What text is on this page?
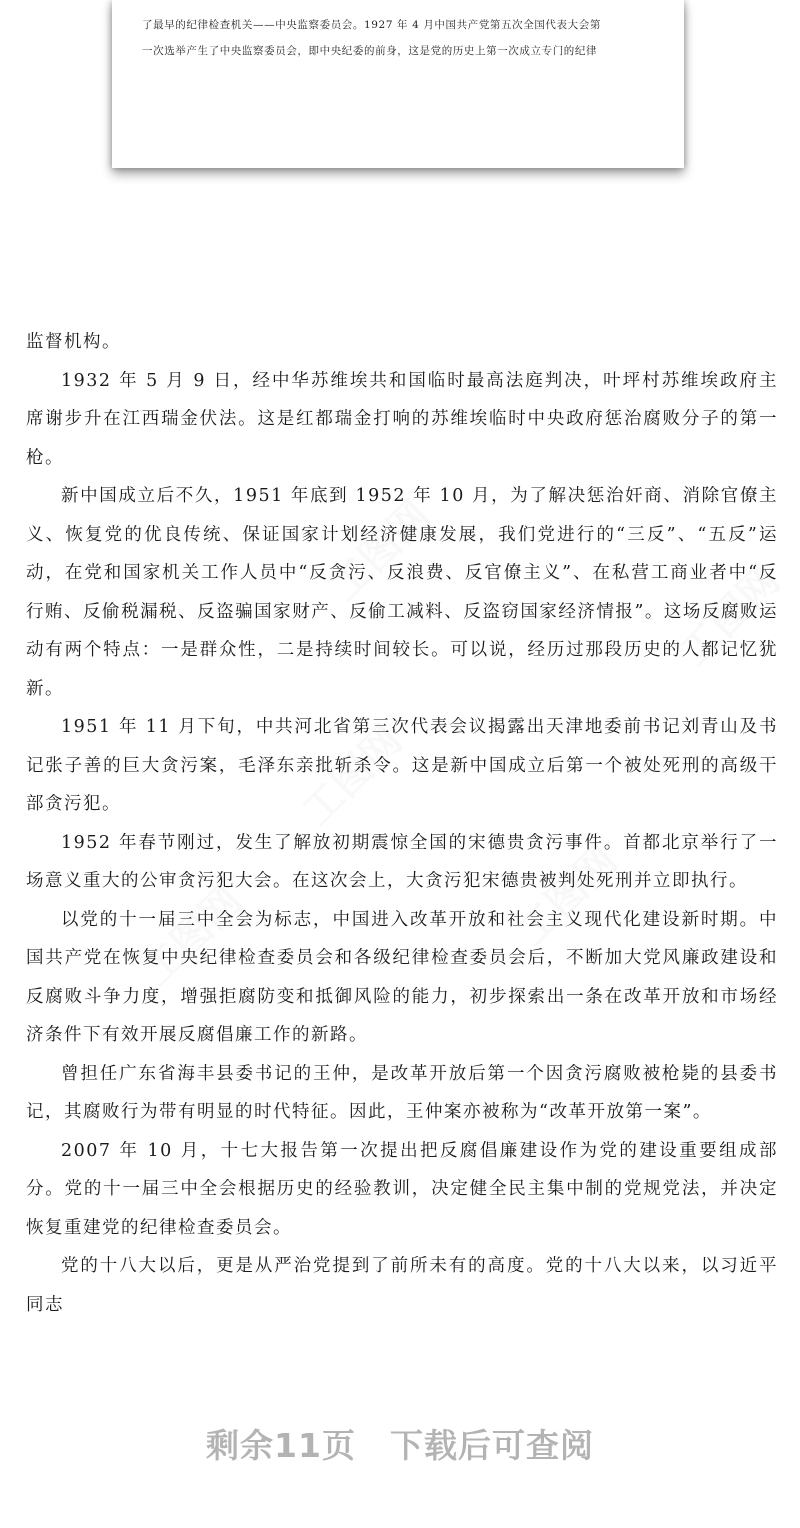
了最早的纪律检查机关——中央监察委员会。1927 年 4 月中国共产党第五次全国代表大会第

一次选举产生了中央监察委员会，即中央纪委的前身，这是党的历史上第一次成立专门的纪律

工图网
工图网
工图网
工图网	工图网

监督机构。

1932 年 5 月 9 日，经中华苏维埃共和国临时最高法庭判决，叶坪村苏维埃政府主席谢步升在江西瑞金伏法。这是红都瑞金打响的苏维埃临时中央政府惩治腐败分子的第一枪。

新中国成立后不久，1951 年底到 1952 年 10 月，为了解决惩治奸商、消除官僚主义、恢复党的优良传统、保证国家计划经济健康发展，我们党进行的“三反”、“五反”运动，在党和国家机关工作人员中“反贪污、反浪费、反官僚主义”、在私营工商业者中“反行贿、反偷税漏税、反盗骗国家财产、反偷工减料、反盗窃国家经济情报”。这场反腐败运动有两个特点：一是群众性，二是持续时间较长。可以说，经历过那段历史的人都记忆犹新。

1951 年 11 月下旬，中共河北省第三次代表会议揭露出天津地委前书记刘青山及书记张子善的巨大贪污案，毛泽东亲批斩杀令。这是新中国成立后第一个被处死刑的高级干部贪污犯。

1952 年春节刚过，发生了解放初期震惊全国的宋德贵贪污事件。首都北京举行了一场意义重大的公审贪污犯大会。在这次会上，大贪污犯宋德贵被判处死刑并立即执行。

以党的十一届三中全会为标志，中国进入改革开放和社会主义现代化建设新时期。中国共产党在恢复中央纪律检查委员会和各级纪律检查委员会后，不断加大党风廉政建设和反腐败斗争力度，增强拒腐防变和抵御风险的能力，初步探索出一条在改革开放和市场经济条件下有效开展反腐倡廉工作的新路。

曾担任广东省海丰县委书记的王仲，是改革开放后第一个因贪污腐败被枪毙的县委书记，其腐败行为带有明显的时代特征。因此，王仲案亦被称为“改革开放第一案”。

2007 年 10 月，十七大报告第一次提出把反腐倡廉建设作为党的建设重要组成部分。党的十一届三中全会根据历史的经验教训，决定健全民主集中制的党规党法，并决定恢复重建党的纪律检查委员会。

党的十八大以后，更是从严治党提到了前所未有的高度。党的十八大以来，以习近平同志

剩余11页　下载后可查阅
